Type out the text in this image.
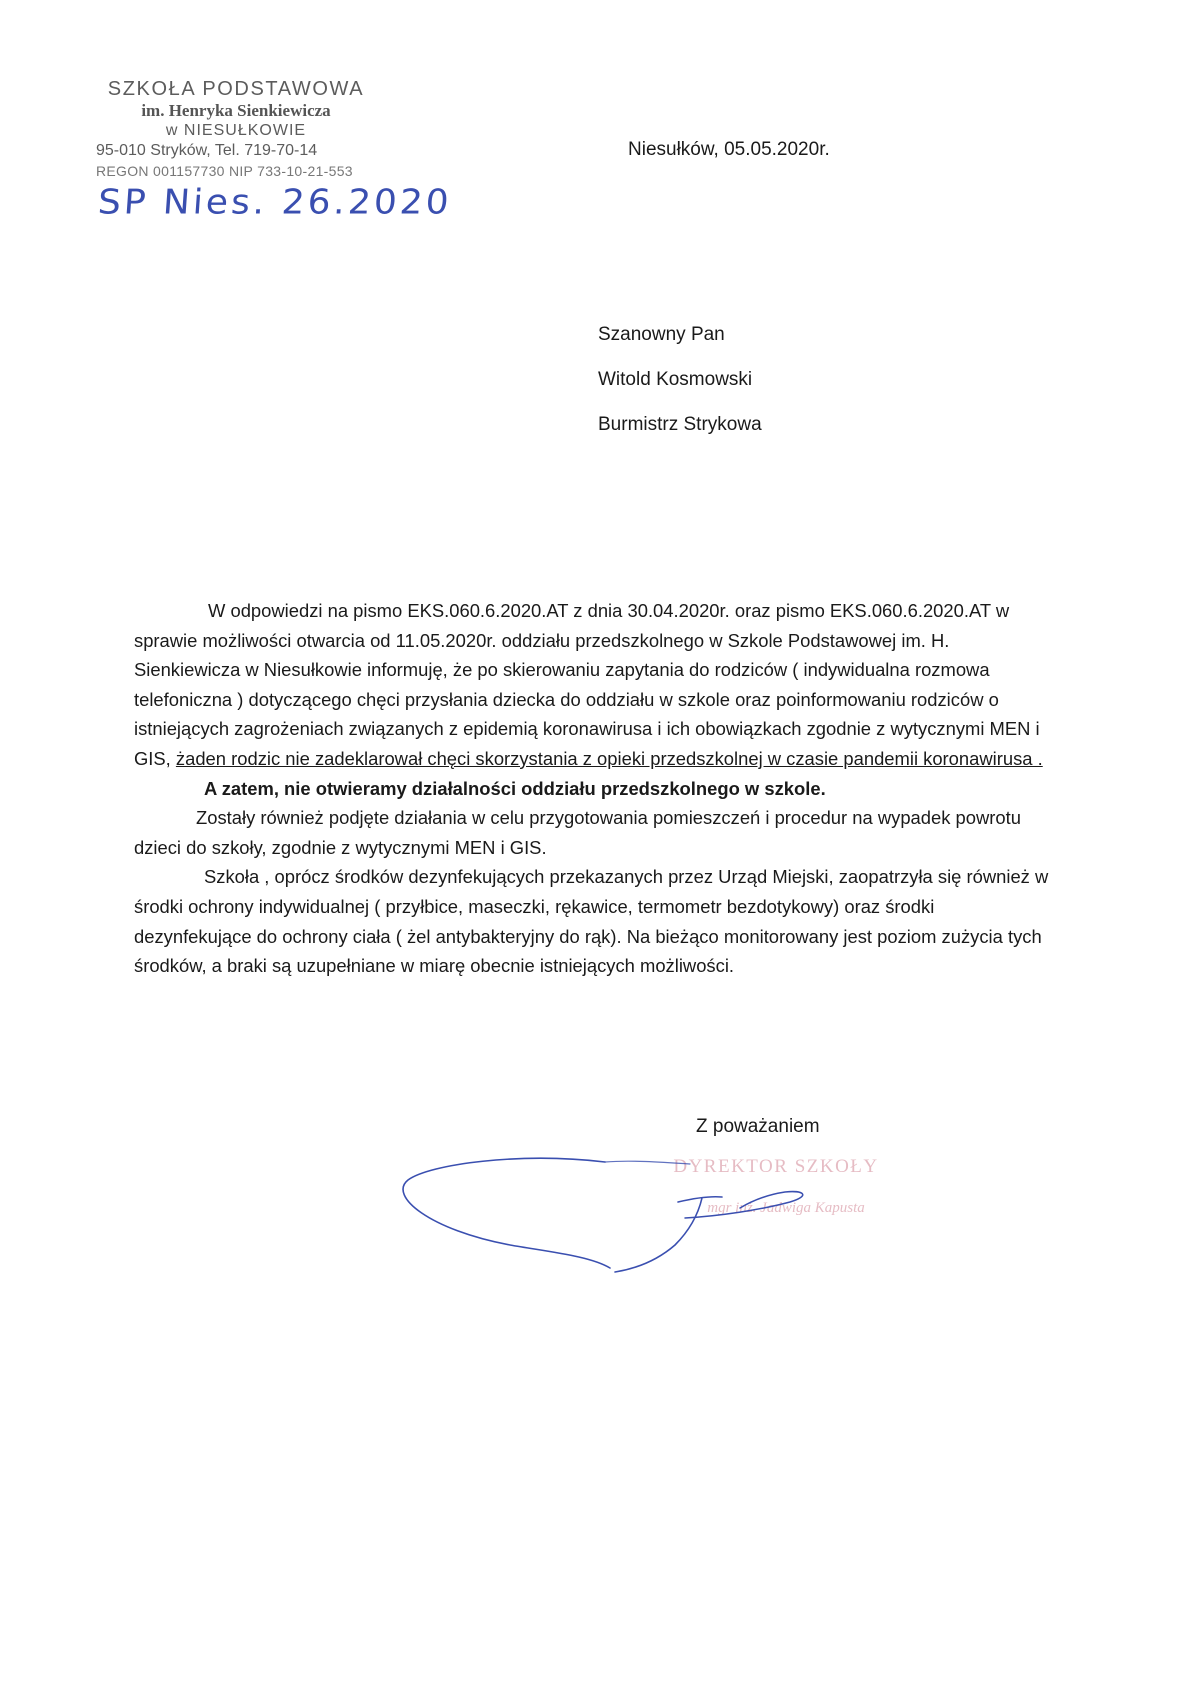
SZKOŁA PODSTAWOWA
im. Henryka Sienkiewicza
w NIESUŁKOWIE
95-010 Stryków, Tel. 719-70-14
REGON 001157730 NIP 733-10-21-553
SP Nies. 26.2020
Niesułków, 05.05.2020r.
Szanowny Pan
Witold Kosmowski
Burmistrz Strykowa

W odpowiedzi na pismo EKS.060.6.2020.AT z dnia 30.04.2020r. oraz pismo EKS.060.6.2020.AT w sprawie możliwości otwarcia od 11.05.2020r. oddziału przedszkolnego w Szkole Podstawowej im. H. Sienkiewicza w Niesułkowie informuję, że po skierowaniu zapytania do rodziców ( indywidualna rozmowa telefoniczna ) dotyczącego chęci przysłania dziecka do oddziału w szkole oraz poinformowaniu rodziców o istniejących zagrożeniach związanych z epidemią koronawirusa i ich obowiązkach zgodnie z wytycznymi MEN i GIS, żaden rodzic nie zadeklarował chęci skorzystania z opieki przedszkolnej w czasie pandemii koronawirusa .

A zatem, nie otwieramy działalności oddziału przedszkolnego w szkole.

Zostały również podjęte działania w celu przygotowania pomieszczeń i procedur na wypadek powrotu dzieci do szkoły, zgodnie z wytycznymi MEN i GIS.

Szkoła , oprócz środków dezynfekujących przekazanych przez Urząd Miejski, zaopatrzyła się również w środki ochrony indywidualnej ( przyłbice, maseczki, rękawice, termometr bezdotykowy) oraz środki dezynfekujące do ochrony ciała ( żel antybakteryjny do rąk). Na bieżąco monitorowany jest poziom zużycia tych środków, a braki są uzupełniane w miarę obecnie istniejących możliwości.

Z poważaniem
DYREKTOR SZKOŁY
mgr inż. Jadwiga Kapusta
